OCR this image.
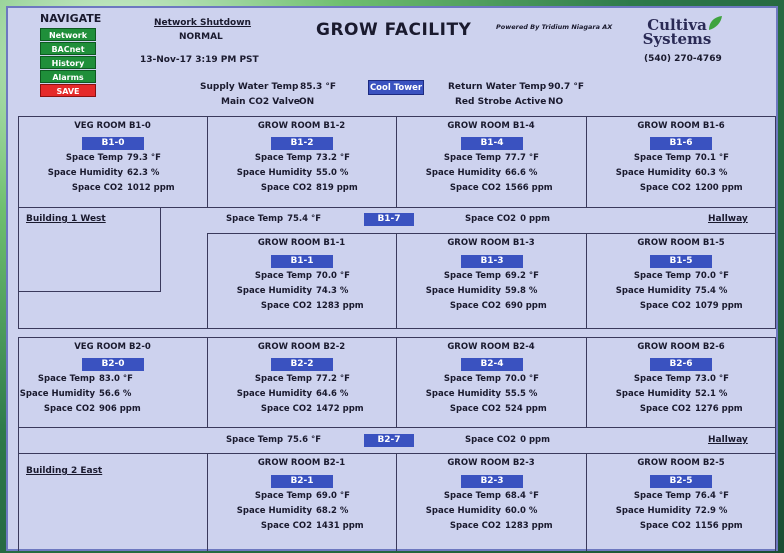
NAVIGATE
Network
BACnet
History
Alarms
SAVE
Network Shutdown
NORMAL
13-Nov-17 3:19 PM PST
GROW FACILITY	Powered By Tridium Niagara AX	Cultiva
Systems
(540) 270-4769
Supply Water Temp 85.3 °F
Main CO2 Valve ON
Cool Tower	Return Water Temp 90.7 °F
Red Strobe Active NO
VEG ROOM B1-0
B1-0
Space Temp 79.3 °F
Space Humidity 62.3 %
Space CO2 1012 ppm
GROW ROOM B1-2
B1-2
Space Temp 73.2 °F
Space Humidity 55.0 %
Space CO2 819 ppm
GROW ROOM B1-4
B1-4
Space Temp 77.7 °F
Space Humidity 66.6 %
Space CO2 1566 ppm
GROW ROOM B1-6
B1-6
Space Temp 70.1 °F
Space Humidity 60.3 %
Space CO2 1200 ppm
Building 1 West	Space Temp 75.4 °F	B1-7	Space CO2 0 ppm	Hallway
GROW ROOM B1-1
B1-1
Space Temp 70.0 °F
Space Humidity 74.3 %
Space CO2 1283 ppm
GROW ROOM B1-3
B1-3
Space Temp 69.2 °F
Space Humidity 59.8 %
Space CO2 690 ppm
GROW ROOM B1-5
B1-5
Space Temp 70.0 °F
Space Humidity 75.4 %
Space CO2 1079 ppm
VEG ROOM B2-0
B2-0
Space Temp 83.0 °F
Space Humidity 56.6 %
Space CO2 906 ppm
GROW ROOM B2-2
B2-2
Space Temp 77.2 °F
Space Humidity 64.6 %
Space CO2 1472 ppm
GROW ROOM B2-4
B2-4
Space Temp 70.0 °F
Space Humidity 55.5 %
Space CO2 524 ppm
GROW ROOM B2-6
B2-6
Space Temp 73.0 °F
Space Humidity 52.1 %
Space CO2 1276 ppm
Space Temp 75.6 °F	B2-7	Space CO2 0 ppm	Hallway
Building 2 East
GROW ROOM B2-1
B2-1
Space Temp 69.0 °F
Space Humidity 68.2 %
Space CO2 1431 ppm
GROW ROOM B2-3
B2-3
Space Temp 68.4 °F
Space Humidity 60.0 %
Space CO2 1283 ppm
GROW ROOM B2-5
B2-5
Space Temp 76.4 °F
Space Humidity 72.9 %
Space CO2 1156 ppm
